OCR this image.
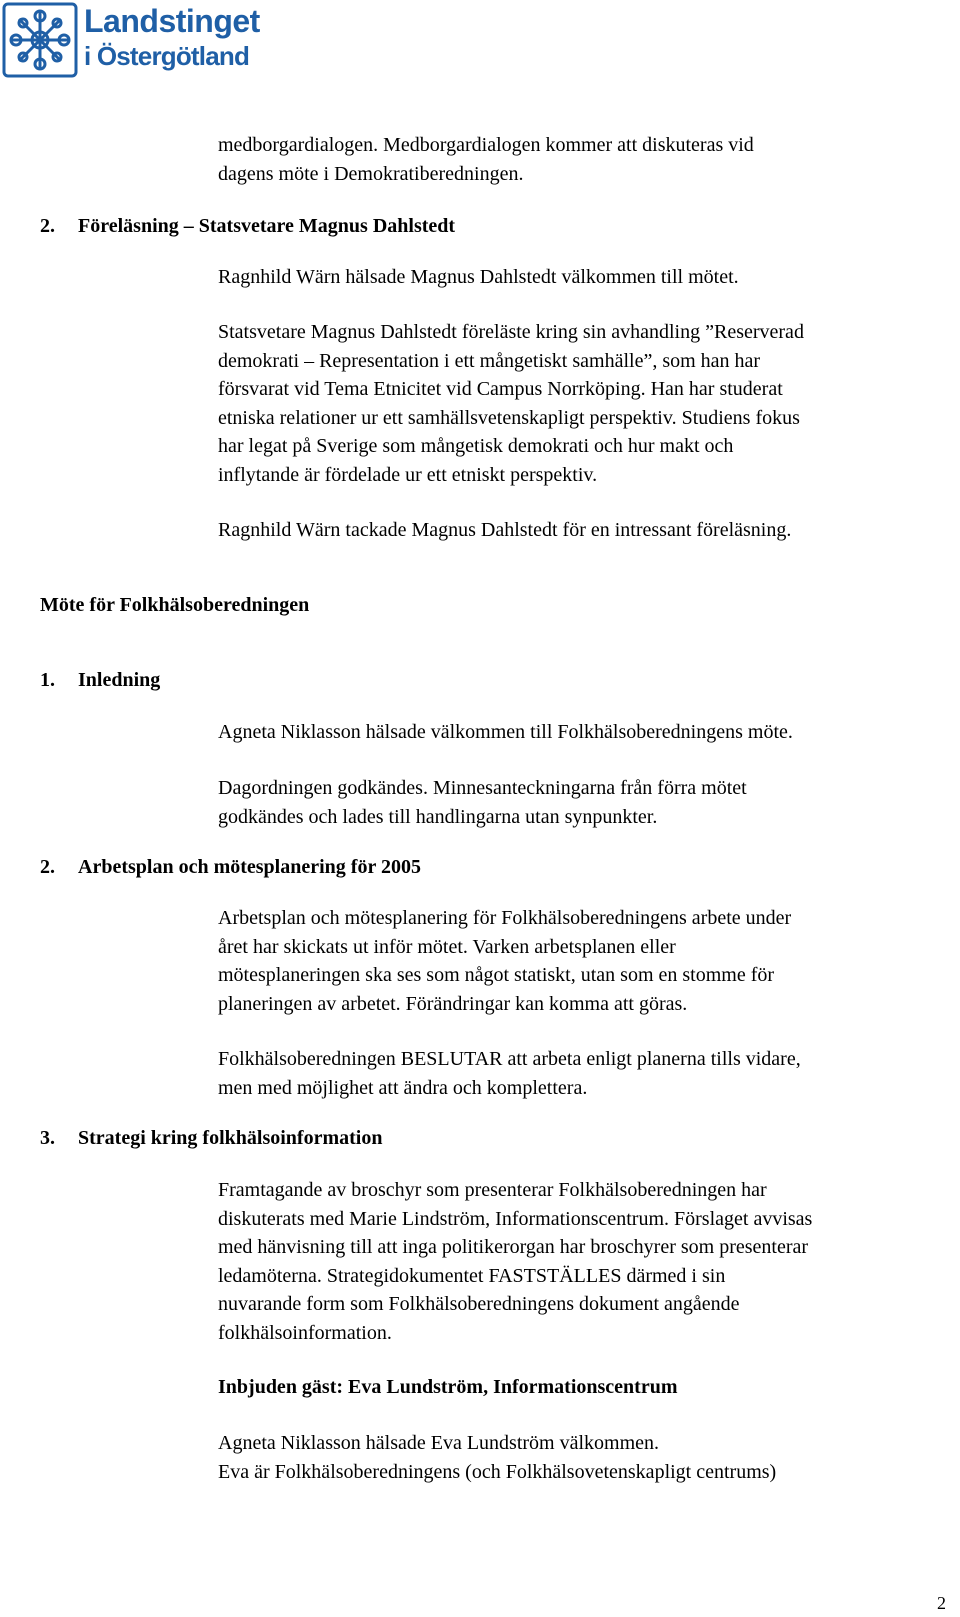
Landstinget
i Östergötland
medborgardialogen. Medborgardialogen kommer att diskuteras vid
dagens möte i Demokratiberedningen.
2. Föreläsning – Statsvetare Magnus Dahlstedt
Ragnhild Wärn hälsade Magnus Dahlstedt välkommen till mötet.
Statsvetare Magnus Dahlstedt föreläste kring sin avhandling ”Reserverad
demokrati – Representation i ett mångetiskt samhälle”, som han har
försvarat vid Tema Etnicitet vid Campus Norrköping. Han har studerat
etniska relationer ur ett samhällsvetenskapligt perspektiv. Studiens fokus
har legat på Sverige som mångetisk demokrati och hur makt och
inflytande är fördelade ur ett etniskt perspektiv.
Ragnhild Wärn tackade Magnus Dahlstedt för en intressant föreläsning.
Möte för Folkhälsoberedningen
1. Inledning
Agneta Niklasson hälsade välkommen till Folkhälsoberedningens möte.
Dagordningen godkändes. Minnesanteckningarna från förra mötet
godkändes och lades till handlingarna utan synpunkter.
2. Arbetsplan och mötesplanering för 2005
Arbetsplan och mötesplanering för Folkhälsoberedningens arbete under
året har skickats ut inför mötet. Varken arbetsplanen eller
mötesplaneringen ska ses som något statiskt, utan som en stomme för
planeringen av arbetet. Förändringar kan komma att göras.
Folkhälsoberedningen BESLUTAR att arbeta enligt planerna tills vidare,
men med möjlighet att ändra och komplettera.
3. Strategi kring folkhälsoinformation
Framtagande av broschyr som presenterar Folkhälsoberedningen har
diskuterats med Marie Lindström, Informationscentrum. Förslaget avvisas
med hänvisning till att inga politikerorgan har broschyrer som presenterar
ledamöterna. Strategidokumentet FASTSTÄLLES därmed i sin
nuvarande form som Folkhälsoberedningens dokument angående
folkhälsoinformation.
Inbjuden gäst: Eva Lundström, Informationscentrum
Agneta Niklasson hälsade Eva Lundström välkommen.
Eva är Folkhälsoberedningens (och Folkhälsovetenskapligt centrums)
2
